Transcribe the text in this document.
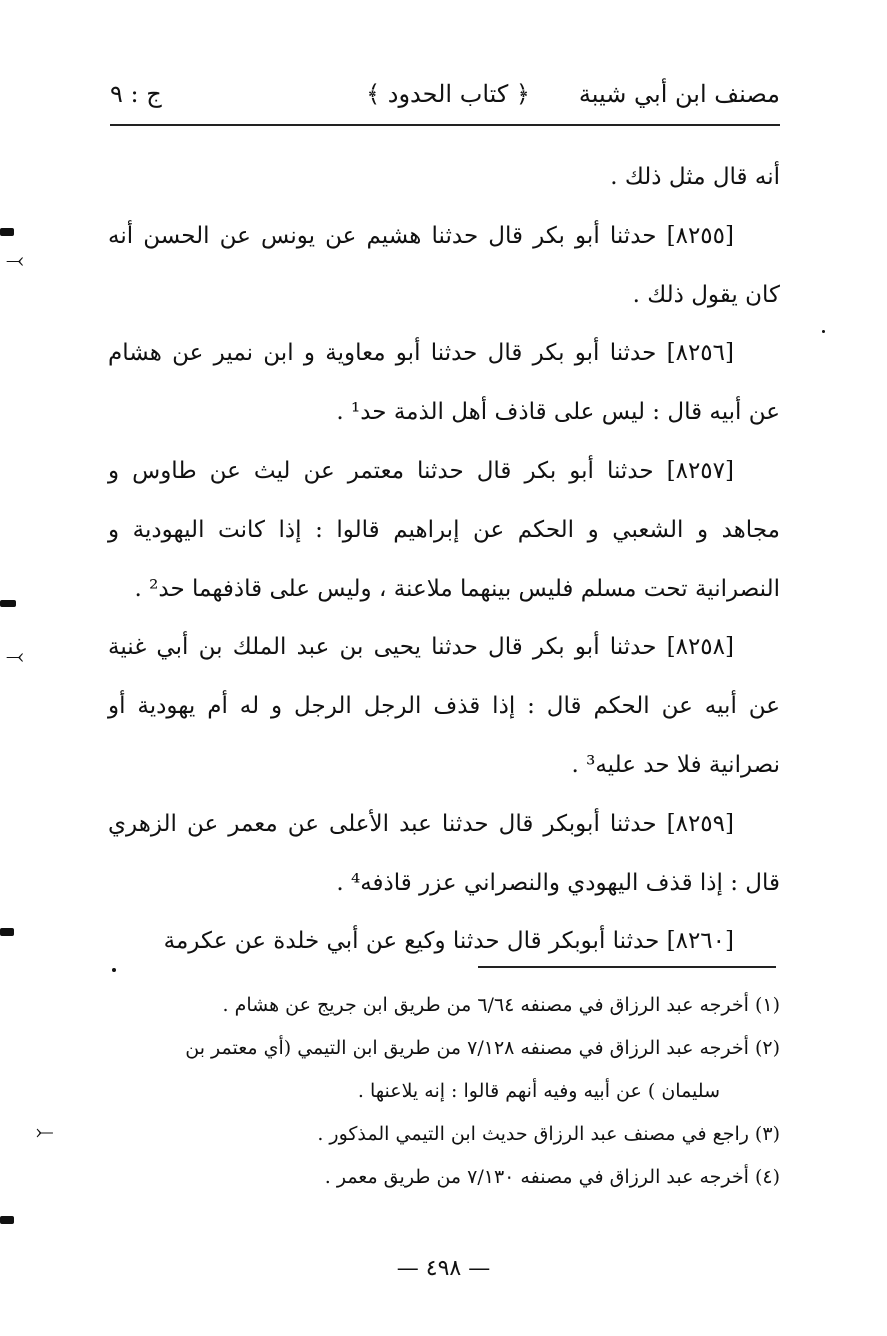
مصنف ابن أبي شيبة
﴿ كتاب الحدود ﴾
ج : ٩

أنه قال مثل ذلك .

[٨٢٥٥] حدثنا أبو بكر قال حدثنا هشيم عن يونس عن الحسن أنه كان يقول ذلك .

[٨٢٥٦] حدثنا أبو بكر قال حدثنا أبو معاوية و ابن نمير عن هشام عن أبيه قال : ليس على قاذف أهل الذمة حد¹ .

[٨٢٥٧] حدثنا أبو بكر قال حدثنا معتمر عن ليث عن طاوس و مجاهد و الشعبي و الحكم عن إبراهيم قالوا : إذا كانت اليهودية و النصرانية تحت مسلم فليس بينهما ملاعنة ، وليس على قاذفهما حد² .

[٨٢٥٨] حدثنا أبو بكر قال حدثنا يحيى بن عبد الملك بن أبي غنية عن أبيه عن الحكم قال : إذا قذف الرجل الرجل و له أم يهودية أو نصرانية فلا حد عليه³ .

[٨٢٥٩] حدثنا أبوبكر قال حدثنا عبد الأعلى عن معمر عن الزهري قال : إذا قذف اليهودي والنصراني عزر قاذفه⁴ .

[٨٢٦٠] حدثنا أبوبكر قال حدثنا وكيع عن أبي خلدة عن عكرمة

(١) أخرجه عبد الرزاق في مصنفه ٦/٦٤ من طريق ابن جريج عن هشام .

(٢) أخرجه عبد الرزاق في مصنفه ٧/١٢٨ من طريق ابن التيمي (أي معتمر بن

سليمان ) عن أبيه وفيه أنهم قالوا : إنه يلاعنها .

(٣) راجع في مصنف عبد الرزاق حديث ابن التيمي المذكور .

(٤) أخرجه عبد الرزاق في مصنفه ٧/١٣٠ من طريق معمر .

— ٤٩٨ —
⤙
⤙
⤚
